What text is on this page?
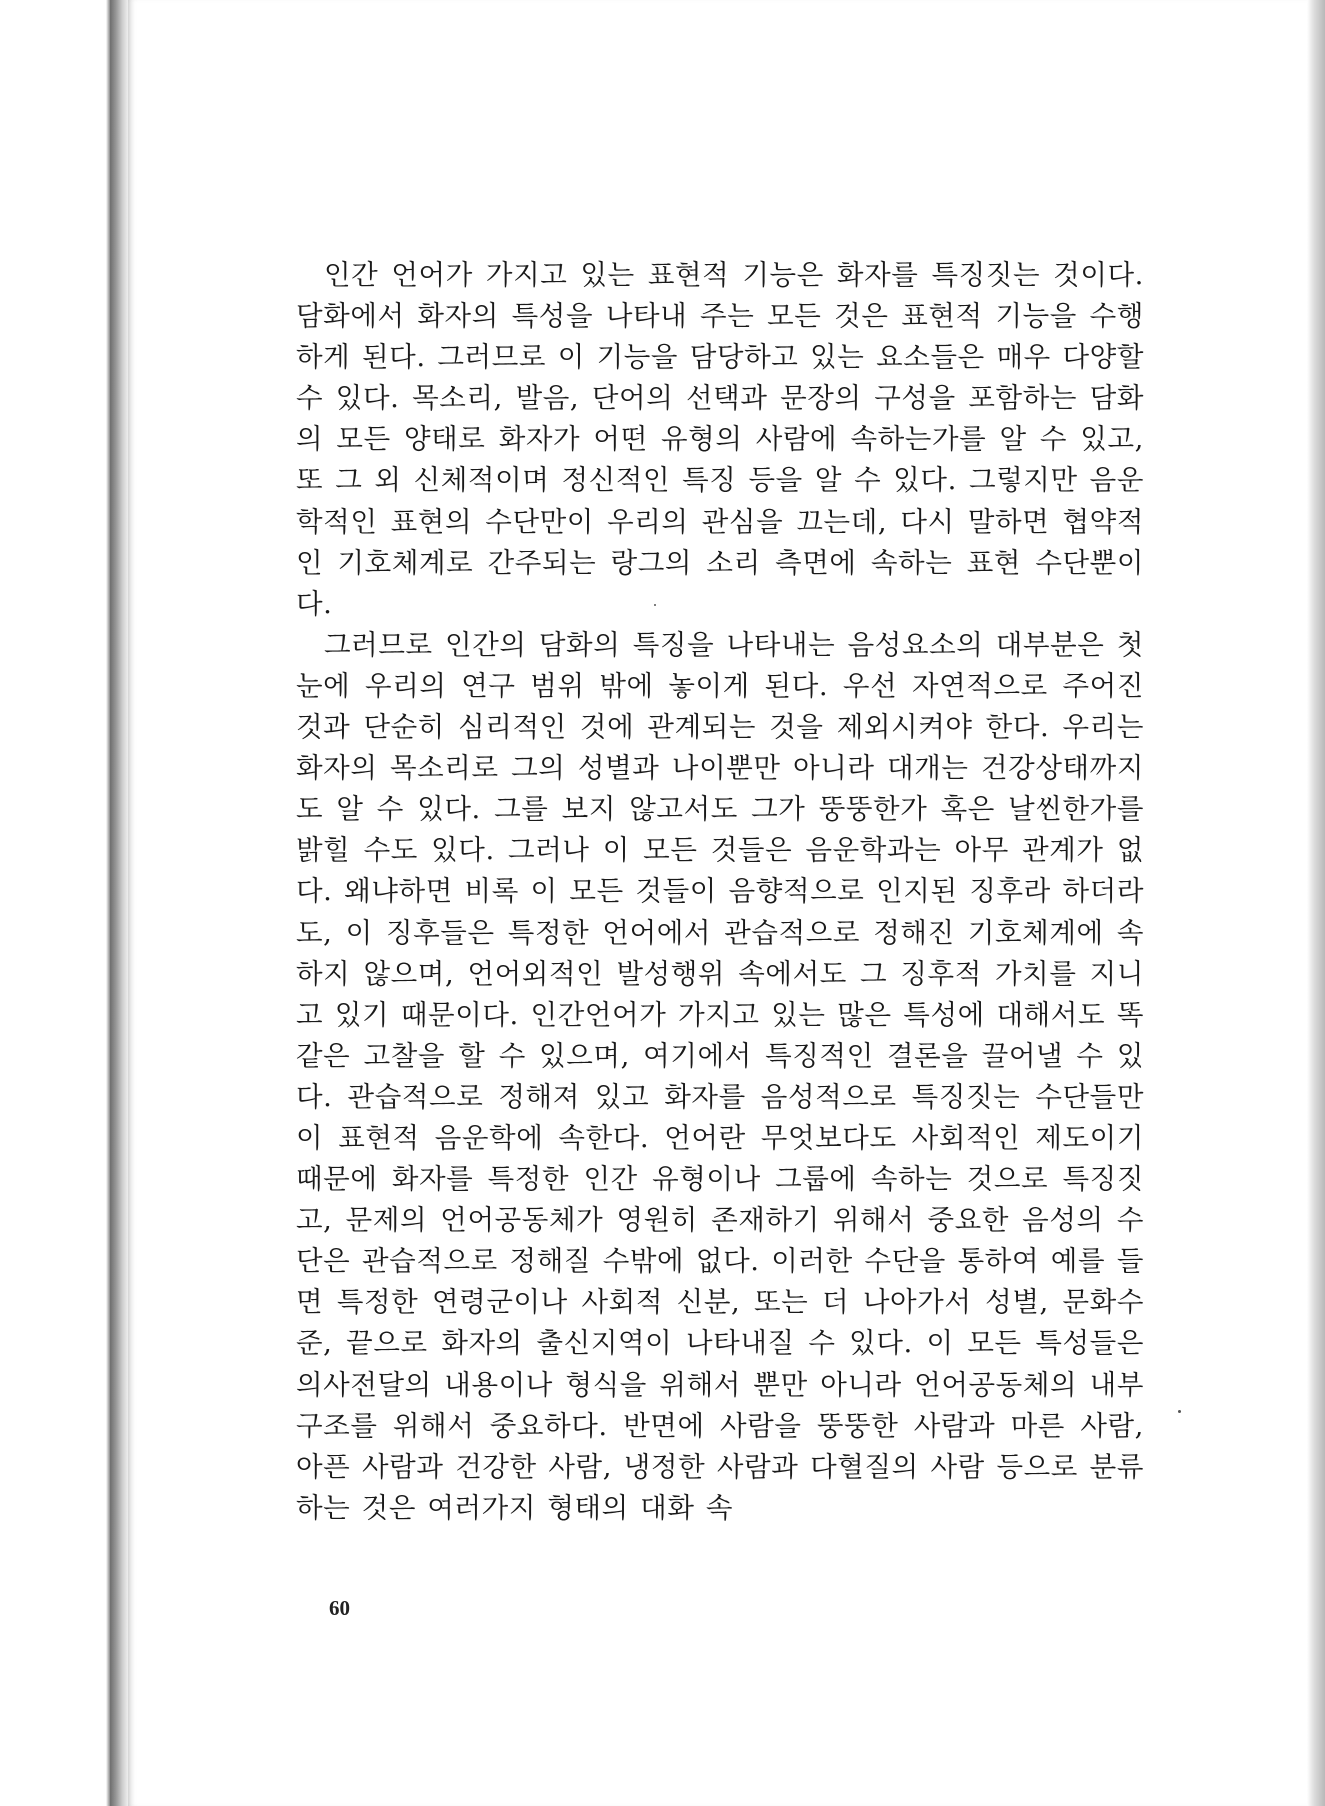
인간 언어가 가지고 있는 표현적 기능은 화자를 특징짓는 것이다. 담화에서 화자의 특성을 나타내 주는 모든 것은 표현적 기능을 수행하게 된다. 그러므로 이 기능을 담당하고 있는 요소들은 매우 다양할 수 있다. 목소리, 발음, 단어의 선택과 문장의 구성을 포함하는 담화의 모든 양태로 화자가 어떤 유형의 사람에 속하는가를 알 수 있고, 또 그 외 신체적이며 정신적인 특징 등을 알 수 있다. 그렇지만 음운학적인 표현의 수단만이 우리의 관심을 끄는데, 다시 말하면 협약적인 기호체계로 간주되는 랑그의 소리 측면에 속하는 표현 수단뿐이다.

그러므로 인간의 담화의 특징을 나타내는 음성요소의 대부분은 첫눈에 우리의 연구 범위 밖에 놓이게 된다. 우선 자연적으로 주어진 것과 단순히 심리적인 것에 관계되는 것을 제외시켜야 한다. 우리는 화자의 목소리로 그의 성별과 나이뿐만 아니라 대개는 건강상태까지도 알 수 있다. 그를 보지 않고서도 그가 뚱뚱한가 혹은 날씬한가를 밝힐 수도 있다. 그러나 이 모든 것들은 음운학과는 아무 관계가 없다. 왜냐하면 비록 이 모든 것들이 음향적으로 인지된 징후라 하더라도, 이 징후들은 특정한 언어에서 관습적으로 정해진 기호체계에 속하지 않으며, 언어외적인 발성행위 속에서도 그 징후적 가치를 지니고 있기 때문이다. 인간언어가 가지고 있는 많은 특성에 대해서도 똑같은 고찰을 할 수 있으며, 여기에서 특징적인 결론을 끌어낼 수 있다. 관습적으로 정해져 있고 화자를 음성적으로 특징짓는 수단들만이 표현적 음운학에 속한다. 언어란 무엇보다도 사회적인 제도이기 때문에 화자를 특정한 인간 유형이나 그룹에 속하는 것으로 특징짓고, 문제의 언어공동체가 영원히 존재하기 위해서 중요한 음성의 수단은 관습적으로 정해질 수밖에 없다. 이러한 수단을 통하여 예를 들면 특정한 연령군이나 사회적 신분, 또는 더 나아가서 성별, 문화수준, 끝으로 화자의 출신지역이 나타내질 수 있다. 이 모든 특성들은 의사전달의 내용이나 형식을 위해서 뿐만 아니라 언어공동체의 내부 구조를 위해서 중요하다. 반면에 사람을 뚱뚱한 사람과 마른 사람, 아픈 사람과 건강한 사람, 냉정한 사람과 다혈질의 사람 등으로 분류하는 것은 여러가지 형태의 대화 속

60
